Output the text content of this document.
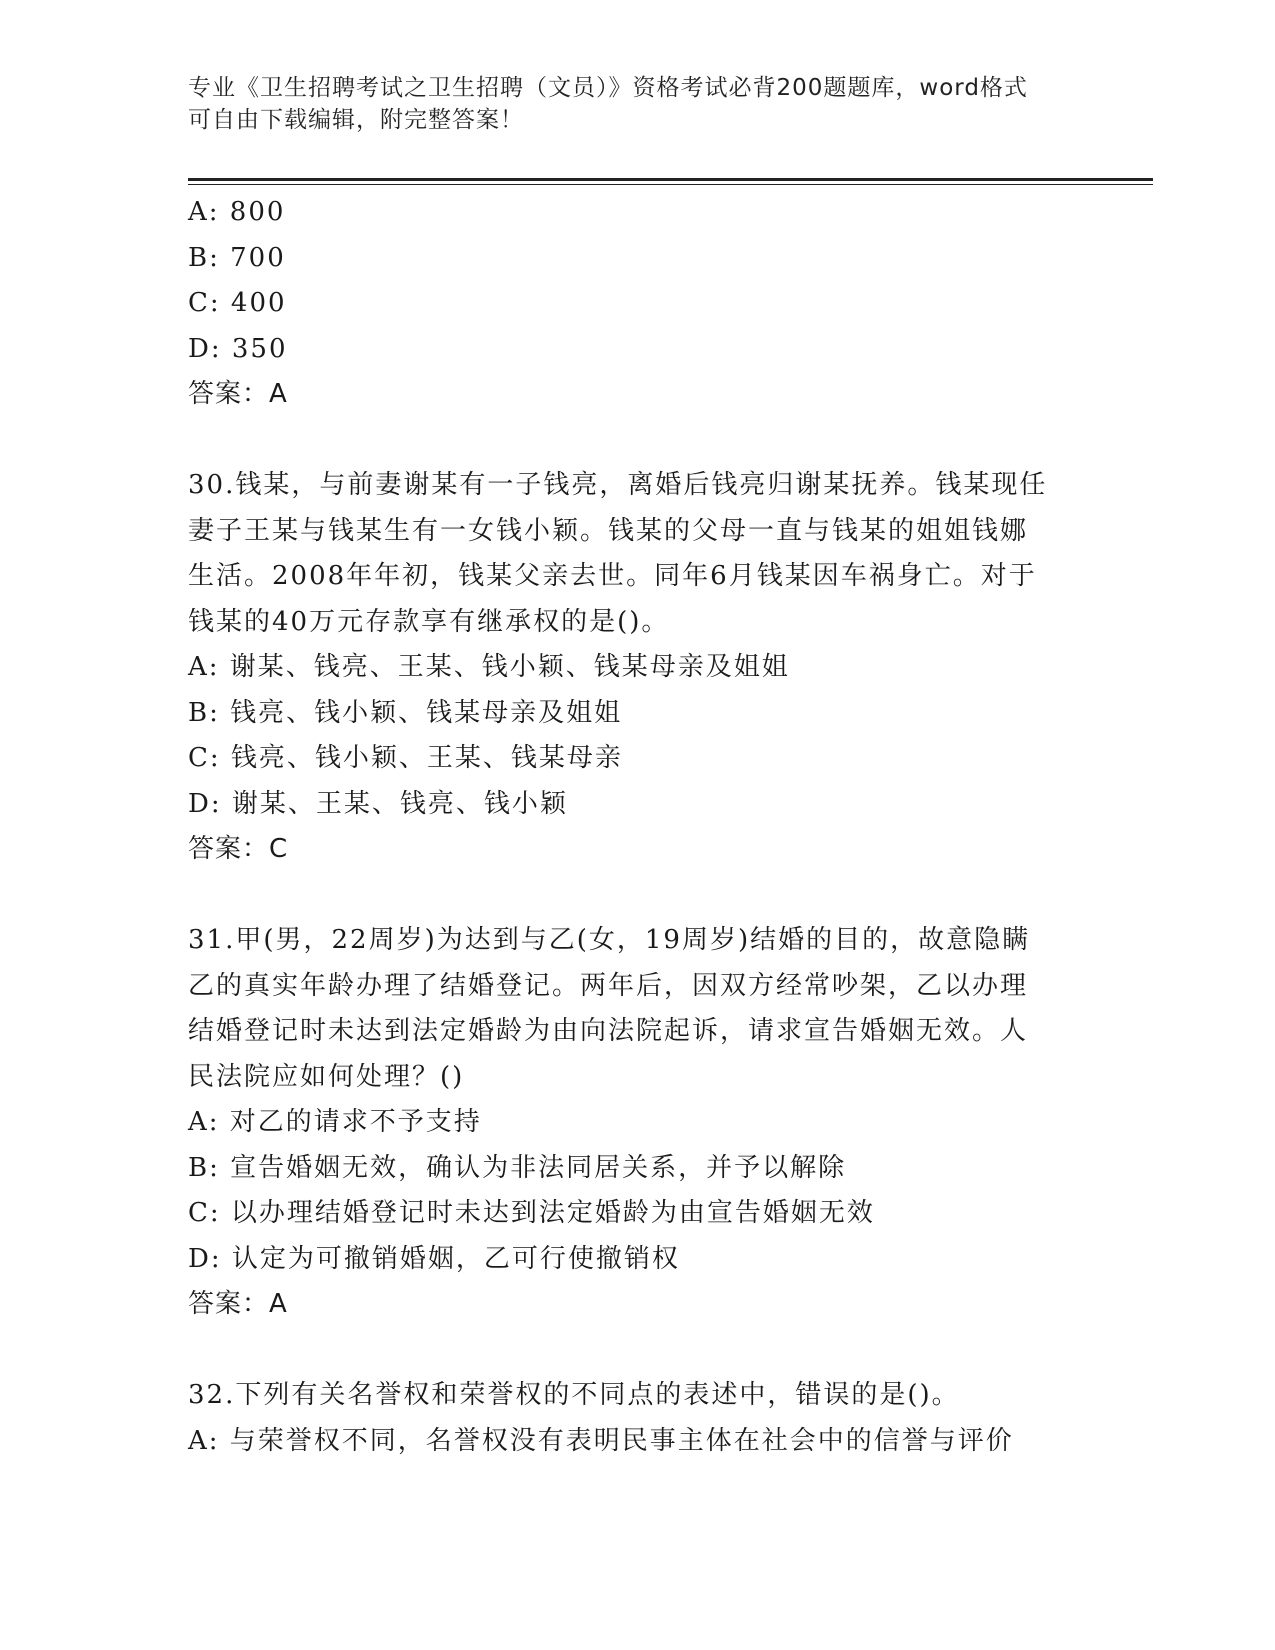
专业《卫生招聘考试之卫生招聘（文员）》资格考试必背200题题库，word格式
可自由下载编辑，附完整答案！
A: 800
B: 700
C: 400
D: 350
答案：A
30.钱某，与前妻谢某有一子钱亮，离婚后钱亮归谢某抚养。钱某现任
妻子王某与钱某生有一女钱小颖。钱某的父母一直与钱某的姐姐钱娜
生活。2008年年初，钱某父亲去世。同年6月钱某因车祸身亡。对于
钱某的40万元存款享有继承权的是()。
A: 谢某、钱亮、王某、钱小颖、钱某母亲及姐姐
B: 钱亮、钱小颖、钱某母亲及姐姐
C: 钱亮、钱小颖、王某、钱某母亲
D: 谢某、王某、钱亮、钱小颖
答案：C
31.甲(男，22周岁)为达到与乙(女，19周岁)结婚的目的，故意隐瞒
乙的真实年龄办理了结婚登记。两年后，因双方经常吵架，乙以办理
结婚登记时未达到法定婚龄为由向法院起诉，请求宣告婚姻无效。人
民法院应如何处理？()
A: 对乙的请求不予支持
B: 宣告婚姻无效，确认为非法同居关系，并予以解除
C: 以办理结婚登记时未达到法定婚龄为由宣告婚姻无效
D: 认定为可撤销婚姻，乙可行使撤销权
答案：A
32.下列有关名誉权和荣誉权的不同点的表述中，错误的是()。
A: 与荣誉权不同，名誉权没有表明民事主体在社会中的信誉与评价
